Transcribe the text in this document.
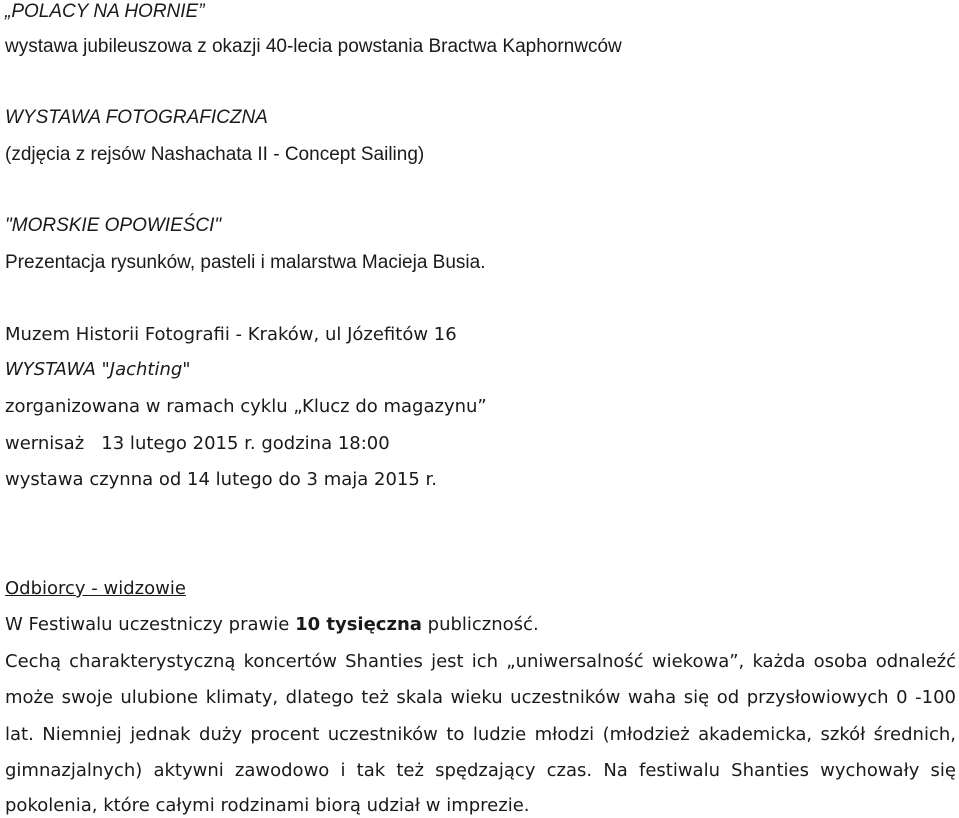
„POLACY NA HORNIE”
wystawa jubileuszowa z okazji 40-lecia powstania Bractwa Kaphornwców
WYSTAWA FOTOGRAFICZNA
(zdjęcia z rejsów Nashachata II - Concept Sailing)
"MORSKIE OPOWIEŚCI"
Prezentacja rysunków, pasteli i malarstwa Macieja Busia.
Muzem Historii Fotografii - Kraków, ul Józefitów 16
WYSTAWA "Jachting"
zorganizowana w ramach cyklu „Klucz do magazynu”
wernisaż   13 lutego 2015 r. godzina 18:00
wystawa czynna od 14 lutego do 3 maja 2015 r.
Odbiorcy - widzowie
W Festiwalu uczestniczy prawie 10 tysięczna publiczność.
Cechą charakterystyczną koncertów Shanties jest ich „uniwersalność wiekowa”, każda osoba odnaleźć
może swoje ulubione klimaty, dlatego też skala wieku uczestników waha się od przysłowiowych 0 -100
lat. Niemniej jednak duży procent uczestników to ludzie młodzi (młodzież akademicka, szkół średnich,
gimnazjalnych) aktywni zawodowo i tak też spędzający czas. Na festiwalu Shanties wychowały się
pokolenia, które całymi rodzinami biorą udział w imprezie.
